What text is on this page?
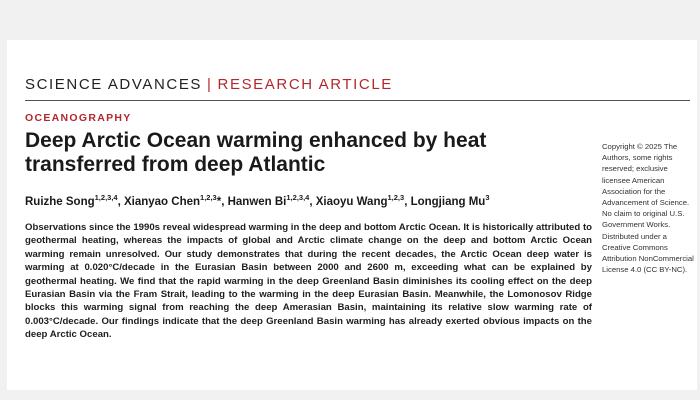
SCIENCE ADVANCES | RESEARCH ARTICLE
OCEANOGRAPHY
Deep Arctic Ocean warming enhanced by heat transferred from deep Atlantic
Ruizhe Song$^{1,2,3,4}$, Xianyao Chen$^{1,2,3}$*, Hanwen Bi$^{1,2,3,4}$, Xiaoyu Wang$^{1,2,3}$, Longjiang Mu$^3$

Observations since the 1990s reveal widespread warming in the deep and bottom Arctic Ocean. It is historically attributed to geothermal heating, whereas the impacts of global and Arctic climate change on the deep and bottom Arctic Ocean warming remain unresolved. Our study demonstrates that during the recent decades, the Arctic Ocean deep water is warming at 0.020°C/decade in the Eurasian Basin between 2000 and 2600 m, exceeding what can be explained by geothermal heating. We find that the rapid warming in the deep Greenland Basin diminishes its cooling effect on the deep Eurasian Basin via the Fram Strait, leading to the warming in the deep Eurasian Basin. Meanwhile, the Lomonosov Ridge blocks this warming signal from reaching the deep Amerasian Basin, maintaining its relative slow warming rate of 0.003°C/decade. Our findings indicate that the deep Greenland Basin warming has already exerted obvious impacts on the deep Arctic Ocean.

Copyright © 2025 The Authors, some rights reserved; exclusive licensee American Association for the Advancement of Science. No claim to original U.S. Government Works. Distributed under a Creative Commons Attribution NonCommercial License 4.0 (CC BY-NC).
